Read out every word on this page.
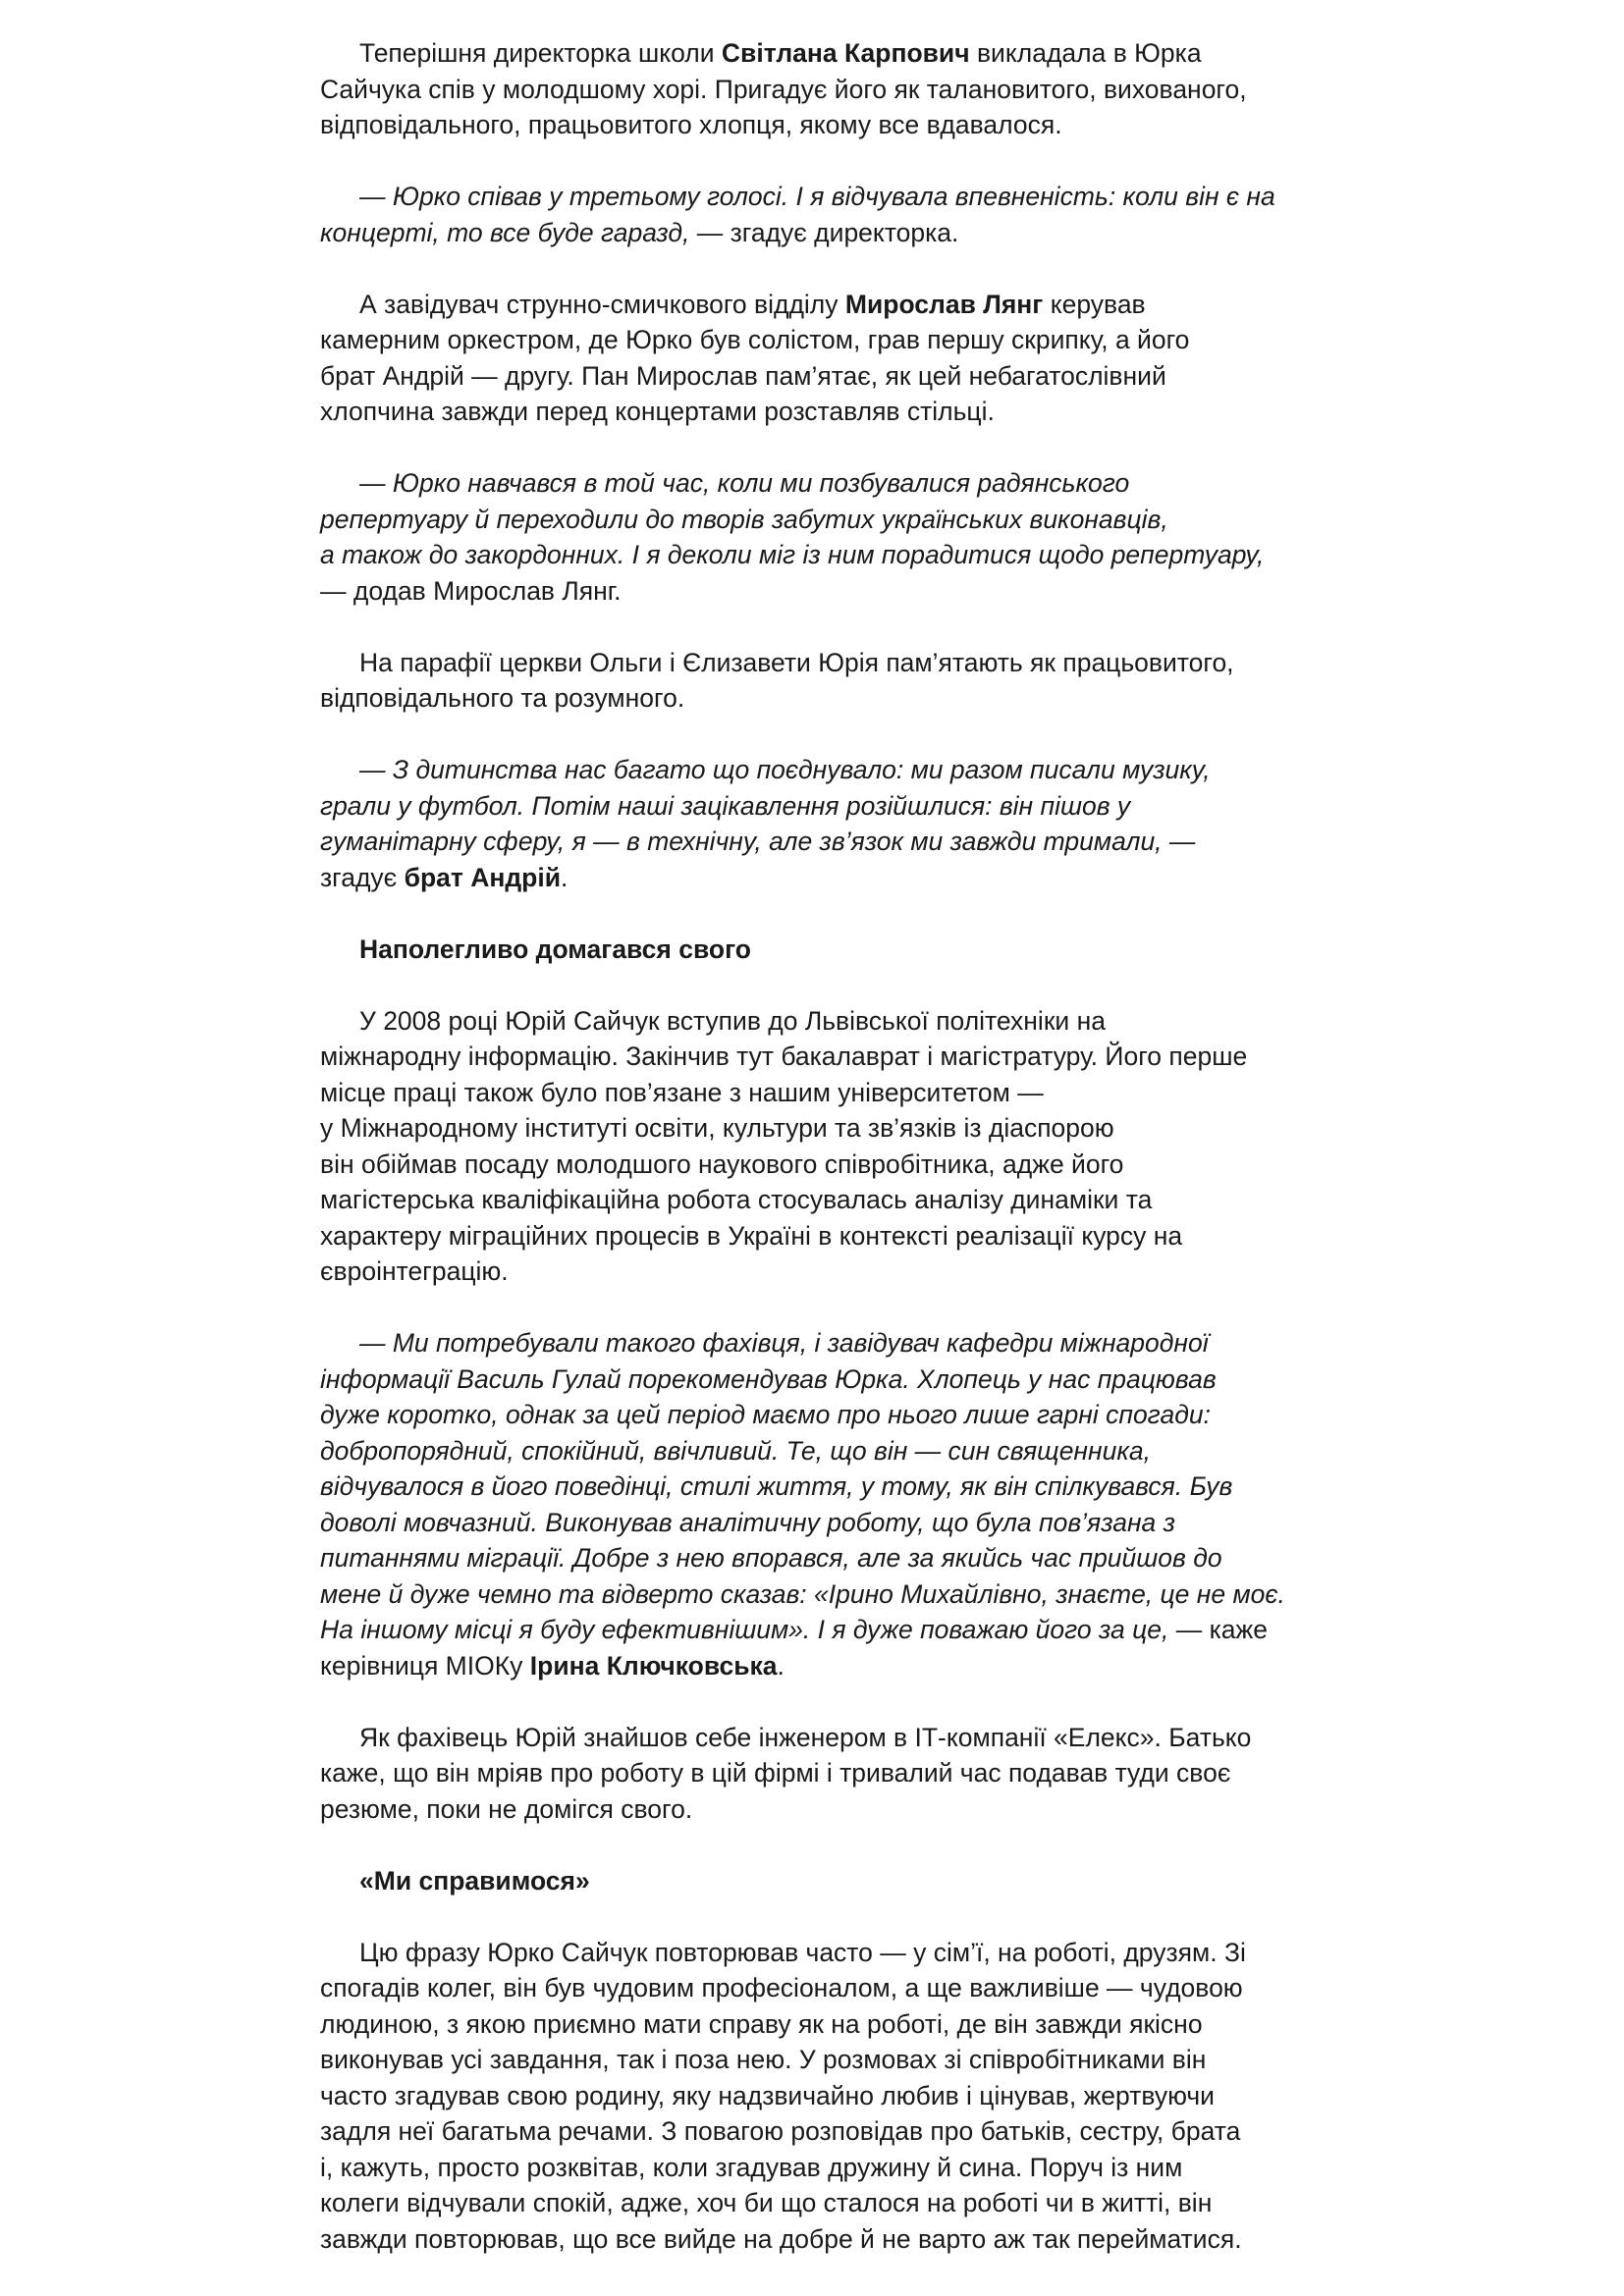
Теперішня директорка школи Світлана Карпович викладала в Юрка
Сайчука спів у молодшому хорі. Пригадує його як талановитого, вихованого,
відповідального, працьовитого хлопця, якому все вдавалося.
— Юрко співав у третьому голосі. І я відчувала впевненість: коли він є на
концерті, то все буде гаразд, — згадує директорка.
А завідувач струнно-смичкового відділу Мирослав Лянг керував
камерним оркестром, де Юрко був солістом, грав першу скрипку, а його
брат Андрій — другу. Пан Мирослав пам’ятає, як цей небагатослівний
хлопчина завжди перед концертами розставляв стільці.
— Юрко навчався в той час, коли ми позбувалися радянського
репертуару й переходили до творів забутих українських виконавців,
а також до закордонних. І я деколи міг із ним порадитися щодо репертуару,
— додав Мирослав Лянг.
На парафії церкви Ольги і Єлизавети Юрія пам’ятають як працьовитого,
відповідального та розумного.
— З дитинства нас багато що поєднувало: ми разом писали музику,
грали у футбол. Потім наші зацікавлення розійшлися: він пішов у
гуманітарну сферу, я — в технічну, але зв’язок ми завжди тримали, —
згадує брат Андрій.
Наполегливо домагався свого
У 2008 році Юрій Сайчук вступив до Львівської політехніки на
міжнародну інформацію. Закінчив тут бакалаврат і магістратуру. Його перше
місце праці також було пов’язане з нашим університетом —
у Міжнародному інституті освіти, культури та зв’язків із діаспорою
він обіймав посаду молодшого наукового співробітника, адже його
магістерська кваліфікаційна робота стосувалась аналізу динаміки та
характеру міграційних процесів в Україні в контексті реалізації курсу на
євроінтеграцію.
— Ми потребували такого фахівця, і завідувач кафедри міжнародної
інформації Василь Гулай порекомендував Юрка. Хлопець у нас працював
дуже коротко, однак за цей період маємо про нього лише гарні спогади:
добропорядний, спокійний, ввічливий. Те, що він — син священника,
відчувалося в його поведінці, стилі життя, у тому, як він спілкувався. Був
доволі мовчазний. Виконував аналітичну роботу, що була пов’язана з
питаннями міграції. Добре з нею впорався, але за якийсь час прийшов до
мене й дуже чемно та відверто сказав: «Ірино Михайлівно, знаєте, це не моє.
На іншому місці я буду ефективнішим». І я дуже поважаю його за це, — каже
керівниця МІОКу Ірина Ключковська.
Як фахівець Юрій знайшов себе інженером в ІТ-компанії «Елекс». Батько
каже, що він мріяв про роботу в цій фірмі і тривалий час подавав туди своє
резюме, поки не домігся свого.
«Ми справимося»
Цю фразу Юрко Сайчук повторював часто — у сім’ї, на роботі, друзям. Зі
спогадів колег, він був чудовим професіоналом, а ще важливіше — чудовою
людиною, з якою приємно мати справу як на роботі, де він завжди якісно
виконував усі завдання, так і поза нею. У розмовах зі співробітниками він
часто згадував свою родину, яку надзвичайно любив і цінував, жертвуючи
задля неї багатьма речами. З повагою розповідав про батьків, сестру, брата
і, кажуть, просто розквітав, коли згадував дружину й сина. Поруч із ним
колеги відчували спокій, адже, хоч би що сталося на роботі чи в житті, він
завжди повторював, що все вийде на добре й не варто аж так перейматися.
